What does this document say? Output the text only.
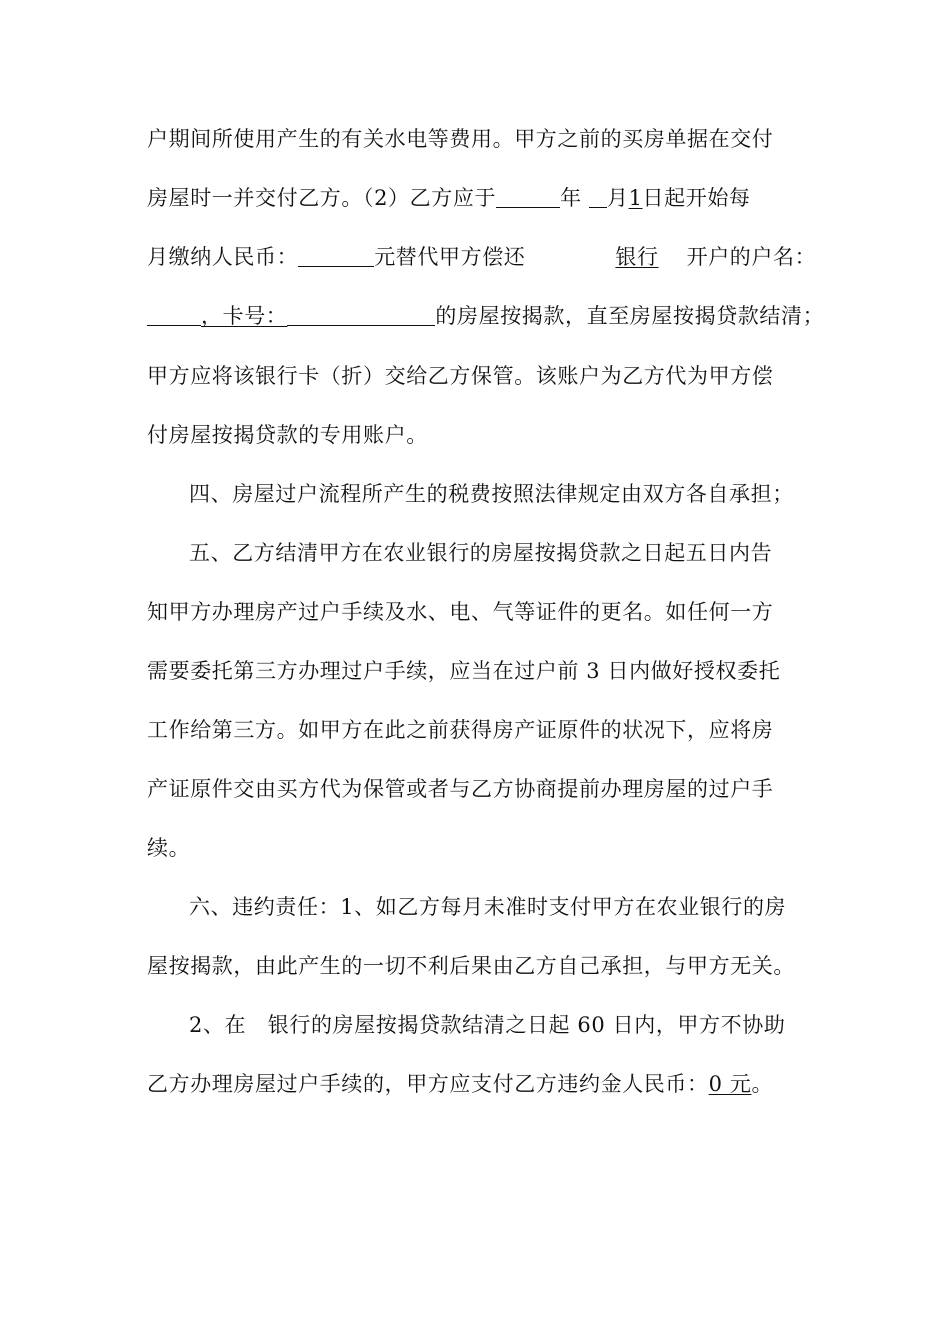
户期间所使用产生的有关水电等费用。甲方之前的买房单据在交付
房屋时一并交付乙方。（2）乙方应于	年 月1日起开始每
月缴纳人民币：	元替代甲方偿还	银行 开户的户名：
，卡号：	的房屋按揭款，直至房屋按揭贷款结清；
甲方应将该银行卡（折）交给乙方保管。该账户为乙方代为甲方偿
付房屋按揭贷款的专用账户。
四、房屋过户流程所产生的税费按照法律规定由双方各自承担；
五、乙方结清甲方在农业银行的房屋按揭贷款之日起五日内告
知甲方办理房产过户手续及水、电、气等证件的更名。如任何一方
需要委托第三方办理过户手续，应当在过户前 3 日内做好授权委托
工作给第三方。如甲方在此之前获得房产证原件的状况下，应将房
产证原件交由买方代为保管或者与乙方协商提前办理房屋的过户手
续。
六、违约责任：1、如乙方每月未准时支付甲方在农业银行的房
屋按揭款，由此产生的一切不利后果由乙方自己承担，与甲方无关。
2、在　银行的房屋按揭贷款结清之日起 60 日内，甲方不协助
乙方办理房屋过户手续的，甲方应支付乙方违约金人民币：0 元。
